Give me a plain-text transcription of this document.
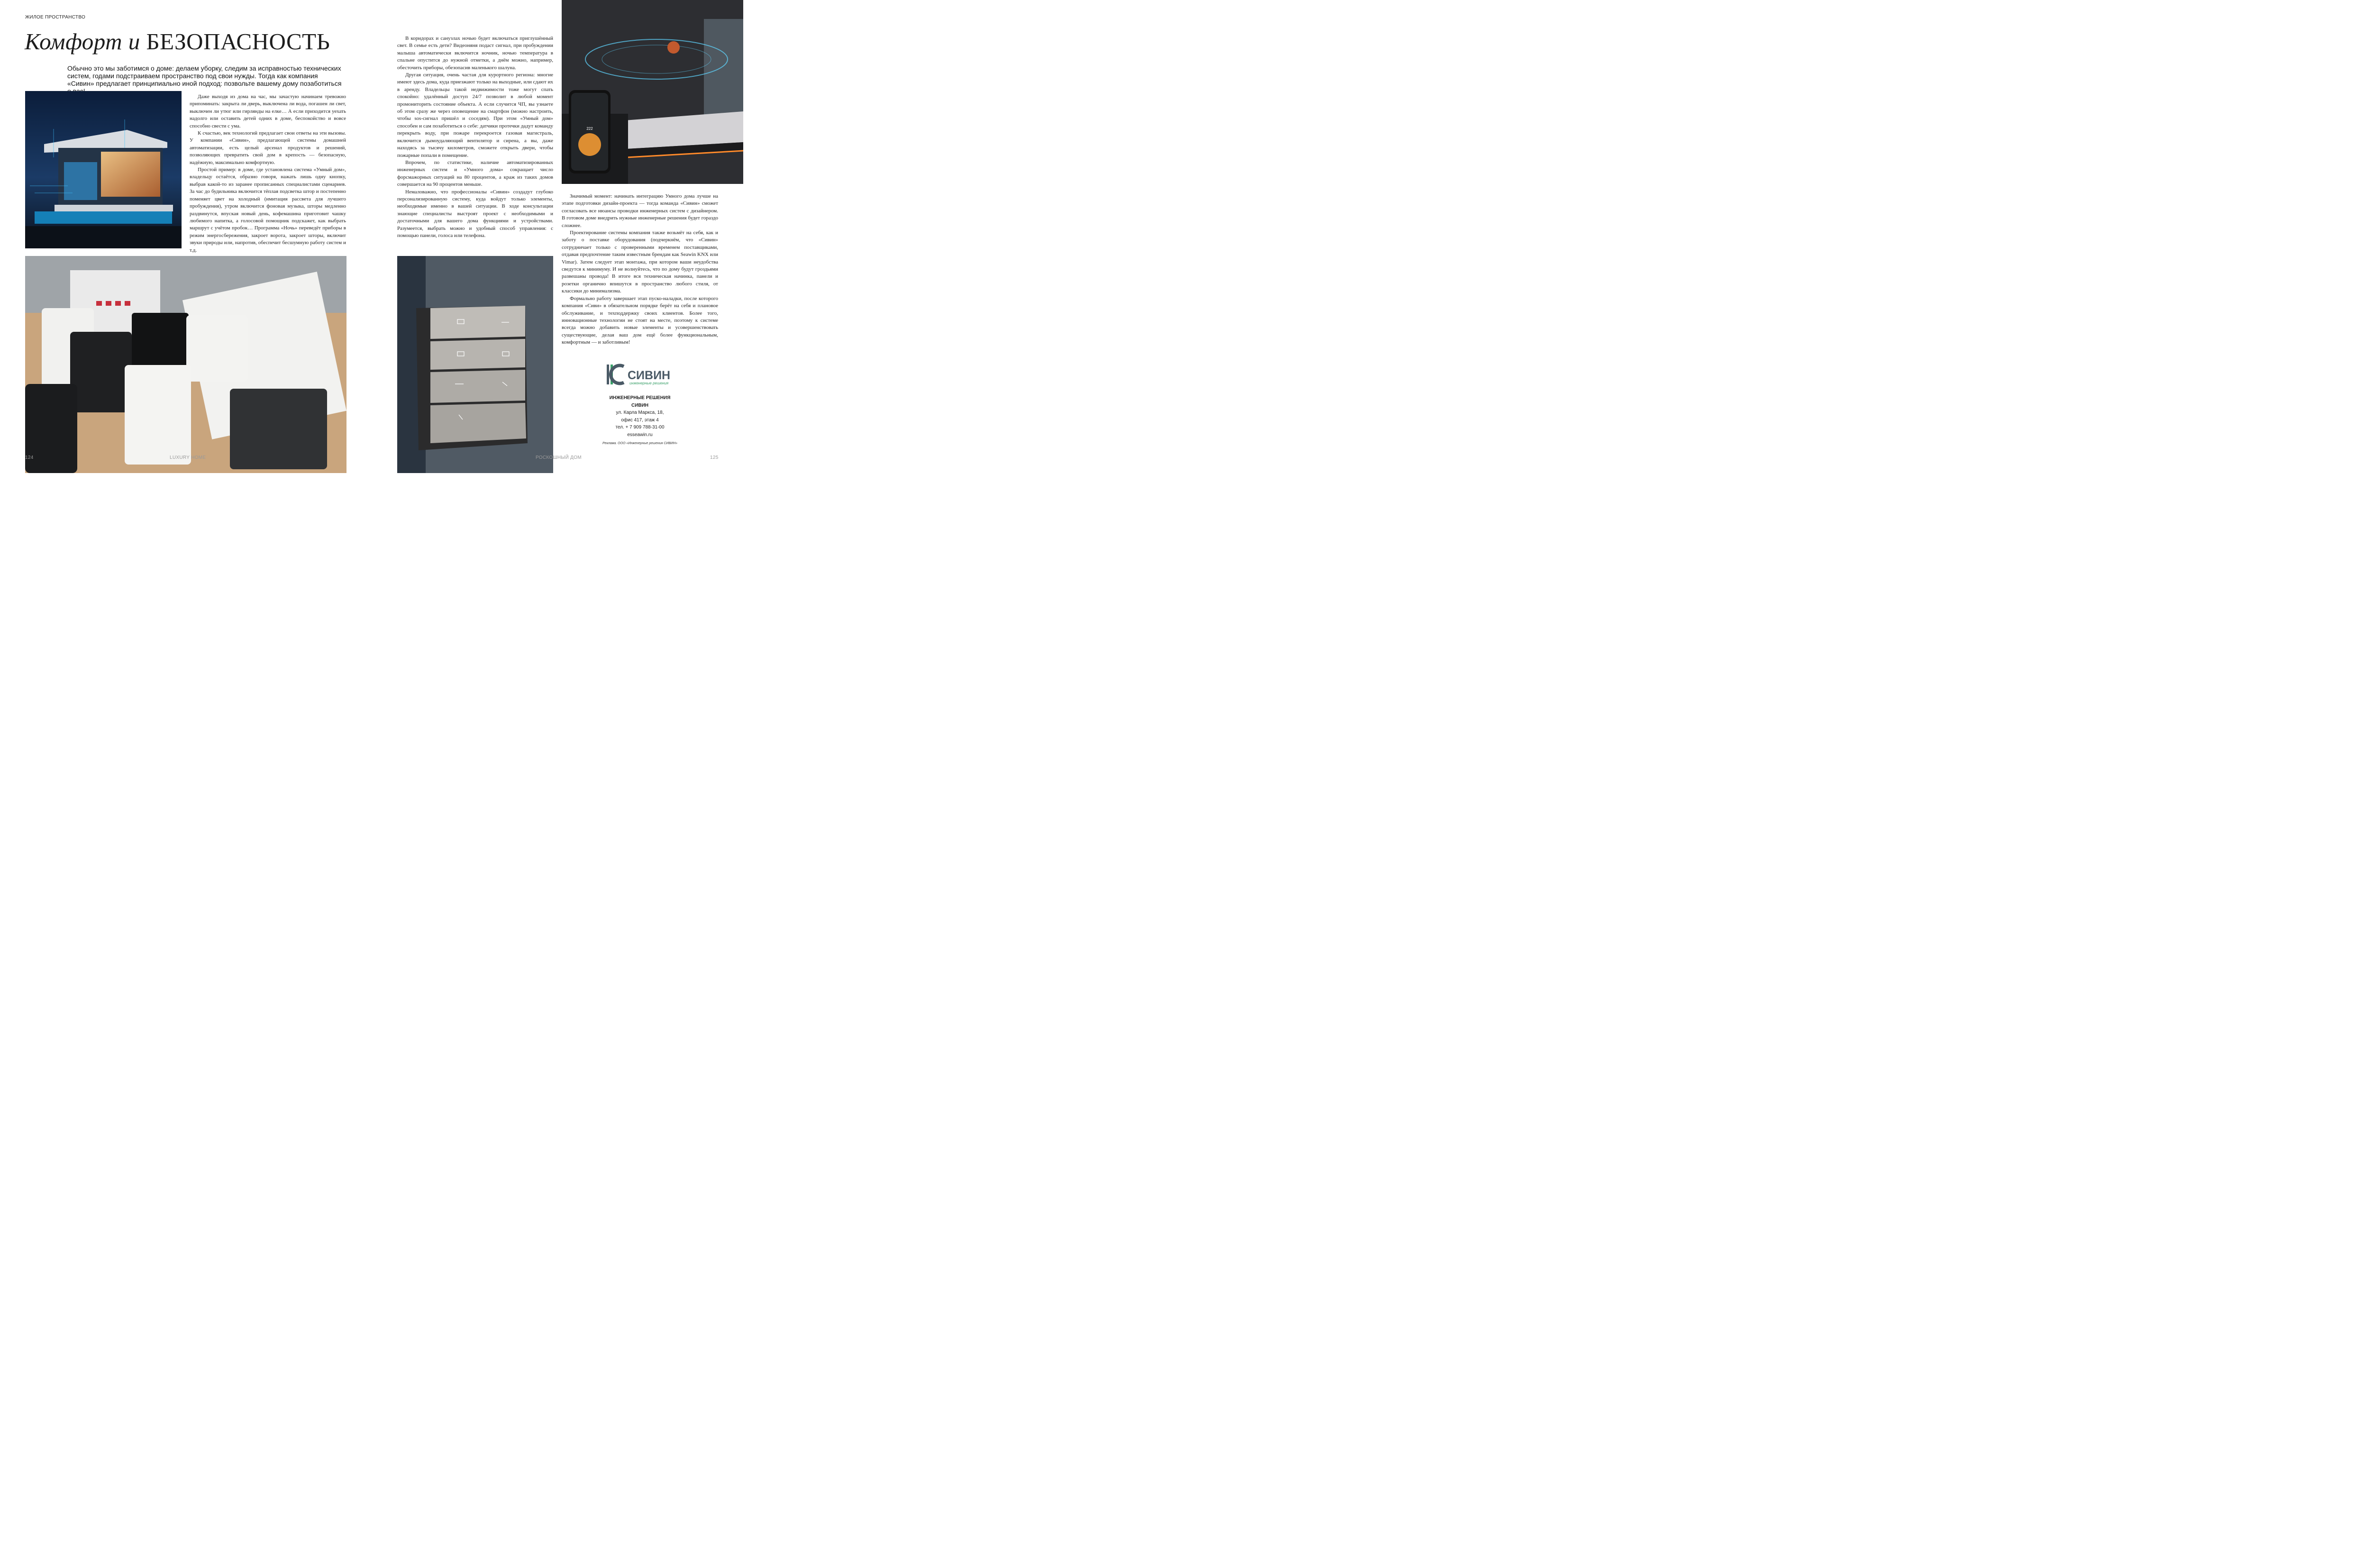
ЖИЛОЕ ПРОСТРАНСТВО
Комфорт и БЕЗОПАСНОСТЬ
Обычно это мы заботимся о доме: делаем уборку, следим за исправностью технических систем, годами подстраиваем пространство под свои нужды. Тогда как компания «Сивин» предлагает принципиально иной подход: позвольте вашему дому позаботиться

Даже выходя из дома на час, мы зачастую начинаем тревожно припоминать: закрыта ли дверь, выключена ли вода, погашен ли свет, выключен ли утюг или гирлянды на елке… А если приходится уехать надолго или оставить детей одних в доме, беспокойство и вовсе способно свести с ума.

К счастью, век технологий предлагает свои ответы на эти вызовы. У компании «Сивин», предлагающей системы домашней автоматизации, есть целый арсенал продуктов и решений, позволяющих превратить свой дом в крепость — безопасную, надёжную, максимально комфортную.

Простой пример: в доме, где установлена система «Умный дом», владельцу остаётся, образно говоря, нажать лишь одну кнопку, выбрав какой-то из заранее прописанных специалистами сценариев. За час до будильника включится тёплая подсветка штор и постепенно поменяет цвет на холодный (имитация рассвета для лучшего пробуждения), утром включится фоновая музыка, шторы медленно раздвинутся, впуская новый день, кофемашина приготовит чашку любимого напитка, а голосовой помощник подскажет, как выбрать маршрут с учётом пробок… Программа «Ночь» переведёт приборы в режим энергосбережения, закроет ворота, закроет шторы, включит звуки природы или, напротив, обеспечит бесшумную работу систем и т.д.

В коридорах и санузлах ночью будет включаться приглушённый свет. В семье есть дети? Видеоняня подаст сигнал, при пробуждении малыша автоматически включится ночник, ночью температура в спальне опустится до нужной отметки, а днём можно, например, обесточить приборы, обезопасив маленького шалуна.

Другая ситуация, очень частая для курортного региона: многие имеют здесь дома, куда приезжают только на выходные, или сдают их в аренду. Владельцы такой недвижимости тоже могут спать спокойно: удалённый доступ 24/7 позволит в любой момент промониторить состояние объекта. А если случится ЧП, вы узнаете об этом сразу же через оповещение на смартфон (можно настроить, чтобы sos-сигнал пришёл и соседям). При этом «Умный дом» способен и сам позаботиться о себе: датчики протечки дадут команду перекрыть воду, при пожаре перекроется газовая магистраль, включится дымоудаляющий вентилятор и сирена, а вы, даже находясь за тысячу километров, сможете открыть двери, чтобы пожарные попали в помещение.

Впрочем, по статистике, наличие автоматизированных инженерных систем и «Умного дома» сокращает число форсмажорных ситуаций на 80 процентов, а краж из таких домов совершается на 90 процентов меньше.

Немаловажно, что профессионалы «Сивин» создадут глубоко персонализированную систему, куда войдут только элементы, необходимые именно в вашей ситуации. В ходе консультации знающие специалисты выстроят проект с необходимыми и достаточными для вашего дома функциями и устройствами. Разумеется, выбрать можно и удобный способ управления: с помощью панели, голоса или телефона.

222

Значимый момент: начинать интеграцию Умного дома лучше на этапе подготовки дизайн-проекта — тогда команда «Сивин» сможет согласовать все нюансы проводки инженерных систем с дизайнером. В готовом доме внедрить нужные инженерные решения будет гораздо сложнее.

Проектирование системы компания также возьмёт на себя, как и заботу о поставке оборудования (подчеркнём, что «Сивин» сотрудничает только с проверенными временем поставщиками, отдавая предпочтение таким известным брендам как Seawin KNX или Vimar). Затем следует этап монтажа, при котором ваши неудобства сведутся к минимуму. И не волнуйтесь, что по дому будут гроздьями развешаны провода! В итоге вся техническая начинка, панели и розетки органично впишутся в пространство любого стиля, от классики до минимализма.

Формально работу завершает этап пуско-наладки, после которого компания «Сиви» в обязательном порядке берёт на себя и плановое обслуживание, и техподдержку своих клиентов. Более того, инновационные технологии не стоят на месте, поэтому к системе всегда можно добавить новые элементы и усовершенствовать существующие, делая ваш дом ещё более функциональным, комфортным — и заботливым!

СИВИН
инженерные решения
ИНЖЕНЕРНЫЕ РЕШЕНИЯ
СИВИН
ул. Карла Маркса, 18,
офис 417, этаж 4
тел. + 7 909 788-31-00
esseawin.ru
Реклама. ООО «Инженерные решения СИВИН»
124	LUXURY HOME	РОСКОШНЫЙ ДОМ	125
